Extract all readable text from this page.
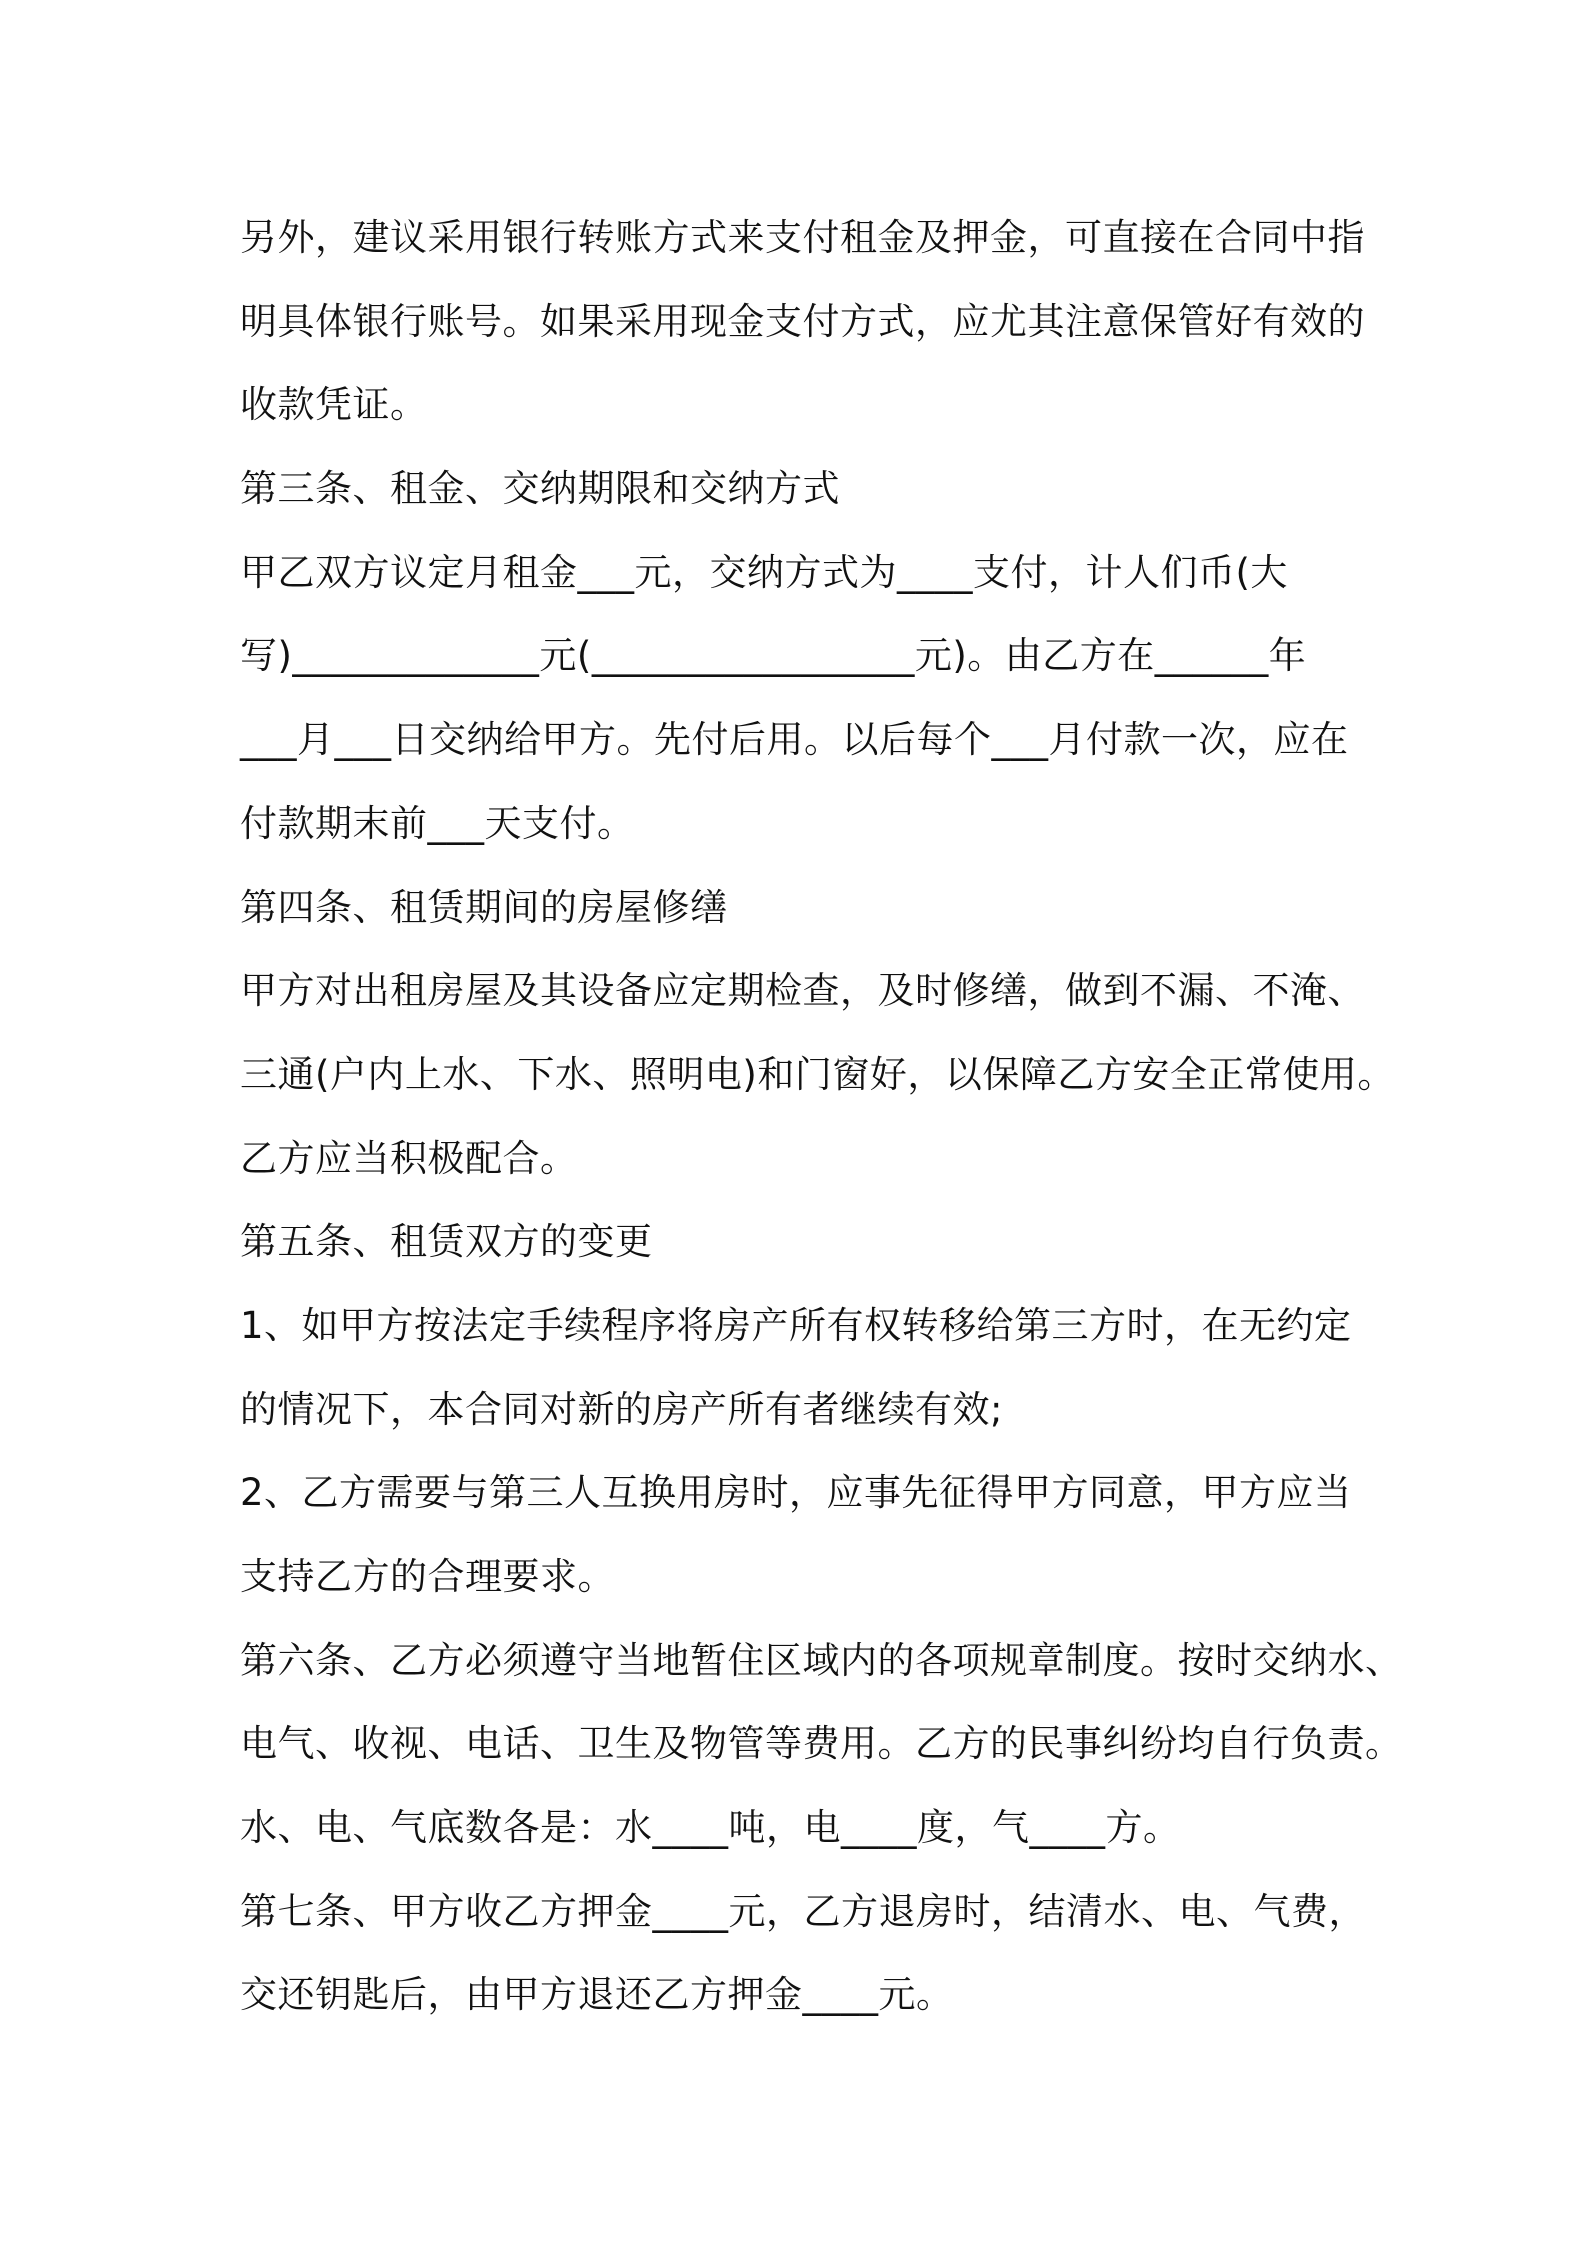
另外，建议采用银行转账方式来支付租金及押金，可直接在合同中指
明具体银行账号。如果采用现金支付方式，应尤其注意保管好有效的
收款凭证。
第三条、租金、交纳期限和交纳方式
甲乙双方议定月租金___元，交纳方式为____支付，计人们币(大
写)_____________元(_________________元)。由乙方在______年
___月___日交纳给甲方。先付后用。以后每个___月付款一次，应在
付款期末前___天支付。
第四条、租赁期间的房屋修缮
甲方对出租房屋及其设备应定期检查，及时修缮，做到不漏、不淹、
三通(户内上水、下水、照明电)和门窗好，以保障乙方安全正常使用。
乙方应当积极配合。
第五条、租赁双方的变更
1、如甲方按法定手续程序将房产所有权转移给第三方时，在无约定
的情况下，本合同对新的房产所有者继续有效;
2、乙方需要与第三人互换用房时，应事先征得甲方同意，甲方应当
支持乙方的合理要求。
第六条、乙方必须遵守当地暂住区域内的各项规章制度。按时交纳水、
电气、收视、电话、卫生及物管等费用。乙方的民事纠纷均自行负责。
水、电、气底数各是：水____吨，电____度，气____方。
第七条、甲方收乙方押金____元，乙方退房时，结清水、电、气费，
交还钥匙后，由甲方退还乙方押金____元。
